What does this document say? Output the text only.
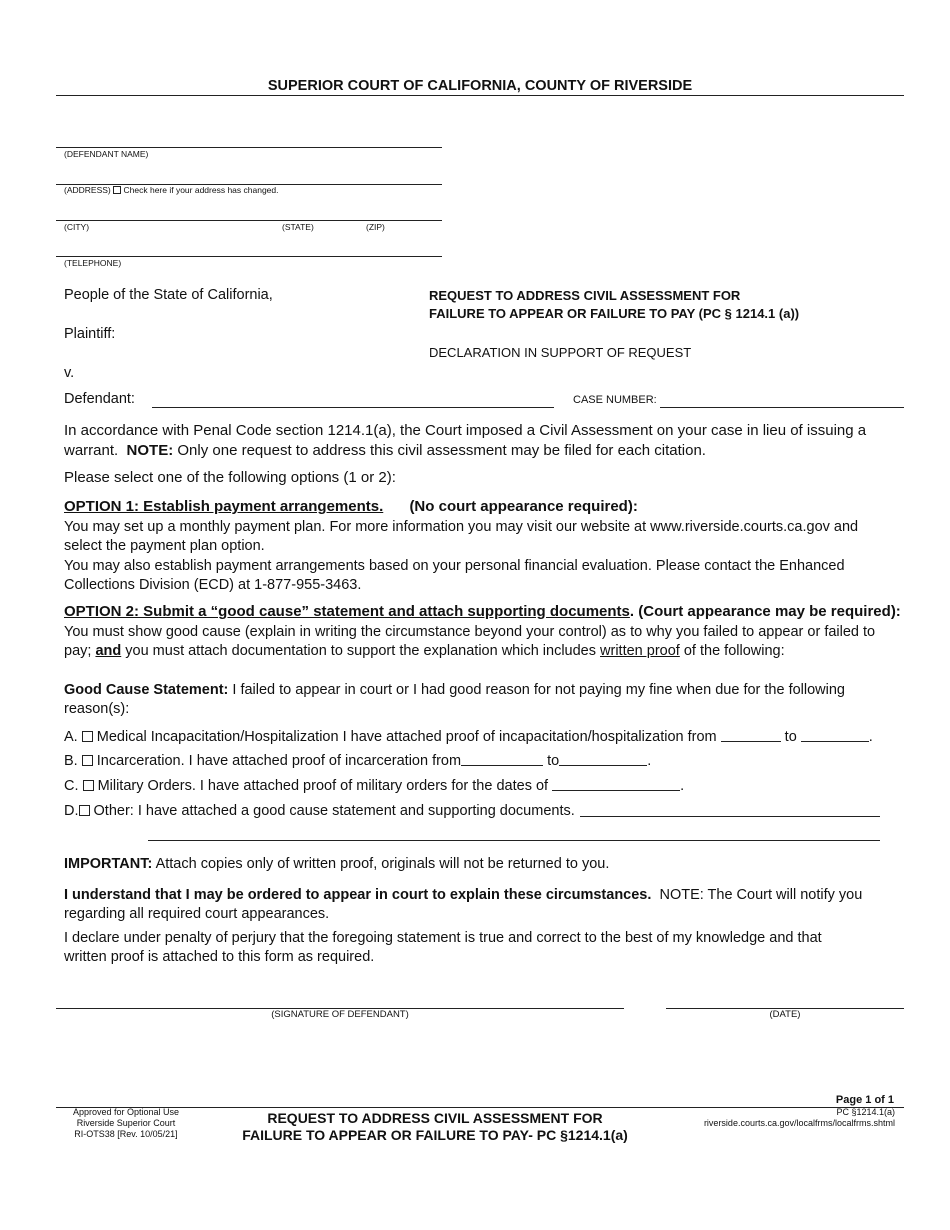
SUPERIOR COURT OF CALIFORNIA, COUNTY OF RIVERSIDE
(DEFENDANT NAME)
(ADDRESS) Check here if your address has changed.
(CITY)	(STATE)	(ZIP)
(TELEPHONE)
People of the State of California,
Plaintiff:
v.
Defendant:
REQUEST TO ADDRESS CIVIL ASSESSMENT FOR
FAILURE TO APPEAR OR FAILURE TO PAY (PC § 1214.1 (a))
DECLARATION IN SUPPORT OF REQUEST
CASE NUMBER:
In accordance with Penal Code section 1214.1(a), the Court imposed a Civil Assessment on your case in lieu of issuing a warrant. NOTE: Only one request to address this civil assessment may be filed for each citation.
Please select one of the following options (1 or 2):
OPTION 1: Establish payment arrangements. (No court appearance required):
You may set up a monthly payment plan. For more information you may visit our website at www.riverside.courts.ca.gov and select the payment plan option.
You may also establish payment arrangements based on your personal financial evaluation. Please contact the Enhanced Collections Division (ECD) at 1-877-955-3463.
OPTION 2: Submit a “good cause” statement and attach supporting documents. (Court appearance may be required):
You must show good cause (explain in writing the circumstance beyond your control) as to why you failed to appear or failed to pay; and you must attach documentation to support the explanation which includes written proof of the following:
Good Cause Statement: I failed to appear in court or I had good reason for not paying my fine when due for the following reason(s):
A. Medical Incapacitation/Hospitalization I have attached proof of incapacitation/hospitalization from	to	.
B. Incarceration. I have attached proof of incarceration from	to	.
C. Military Orders. I have attached proof of military orders for the dates of	.
D. Other: I have attached a good cause statement and supporting documents.
IMPORTANT: Attach copies only of written proof, originals will not be returned to you.
I understand that I may be ordered to appear in court to explain these circumstances. NOTE: The Court will notify you regarding all required court appearances.
I declare under penalty of perjury that the foregoing statement is true and correct to the best of my knowledge and that written proof is attached to this form as required.
(SIGNATURE OF DEFENDANT)	(DATE)
Page 1 of 1
Approved for Optional Use
Riverside Superior Court
RI-OTS38 [Rev. 10/05/21]
REQUEST TO ADDRESS CIVIL ASSESSMENT FOR
FAILURE TO APPEAR OR FAILURE TO PAY- PC §1214.1(a)
PC §1214.1(a)
riverside.courts.ca.gov/localfrms/localfrms.shtml
